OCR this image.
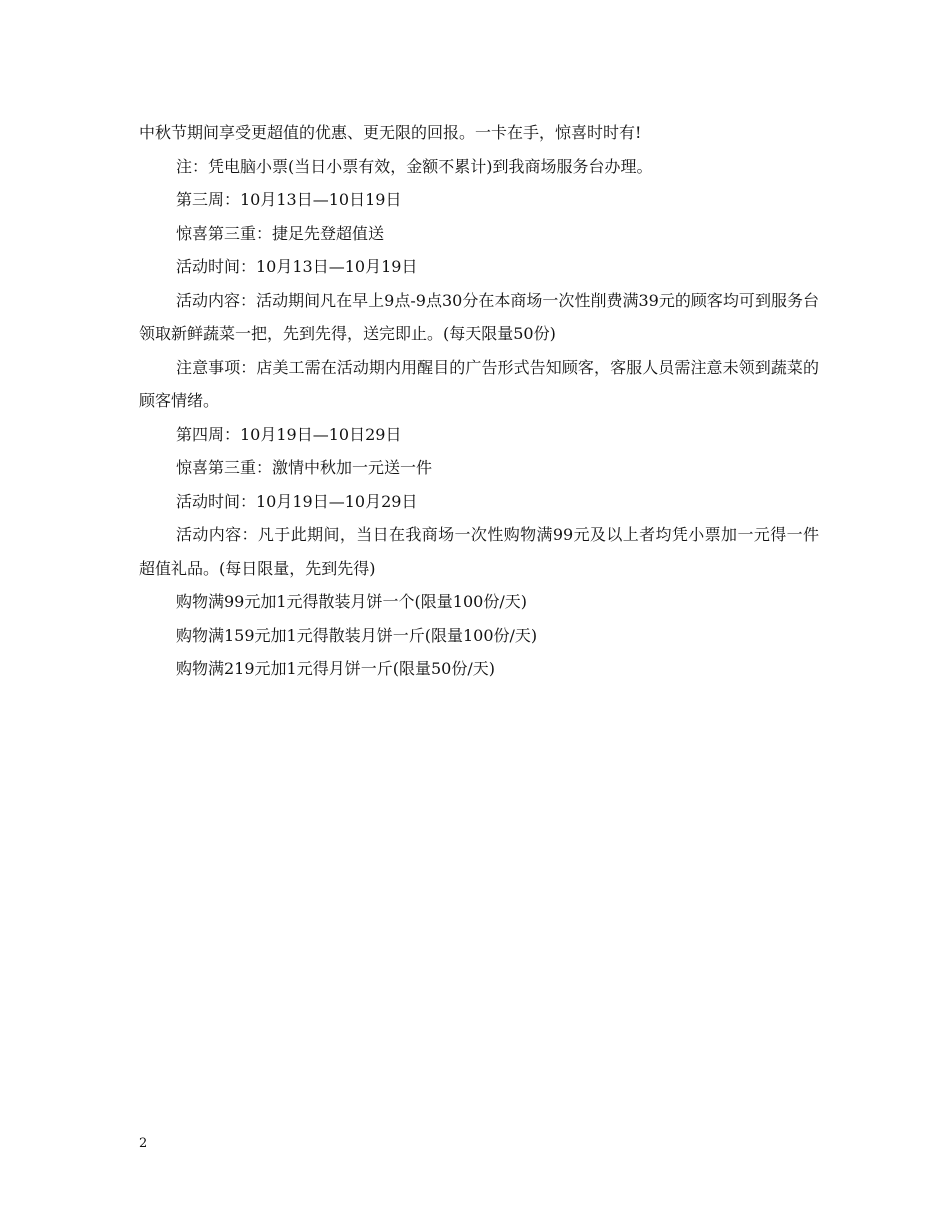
中秋节期间享受更超值的优惠、更无限的回报。一卡在手，惊喜时时有!

注：凭电脑小票(当日小票有效，金额不累计)到我商场服务台办理。

第三周：10月13日—10日19日

惊喜第三重：捷足先登超值送

活动时间：10月13日—10月19日

活动内容：活动期间凡在早上9点-9点30分在本商场一次性削费满39元的顾客均可到服务台领取新鲜蔬菜一把，先到先得，送完即止。(每天限量50份)

注意事项：店美工需在活动期内用醒目的广告形式告知顾客，客服人员需注意未领到蔬菜的顾客情绪。

第四周：10月19日—10日29日

惊喜第三重：激情中秋加一元送一件

活动时间：10月19日—10月29日

活动内容：凡于此期间，当日在我商场一次性购物满99元及以上者均凭小票加一元得一件超值礼品。(每日限量，先到先得)

购物满99元加1元得散装月饼一个(限量100份/天)

购物满159元加1元得散装月饼一斤(限量100份/天)

购物满219元加1元得月饼一斤(限量50份/天)

2
